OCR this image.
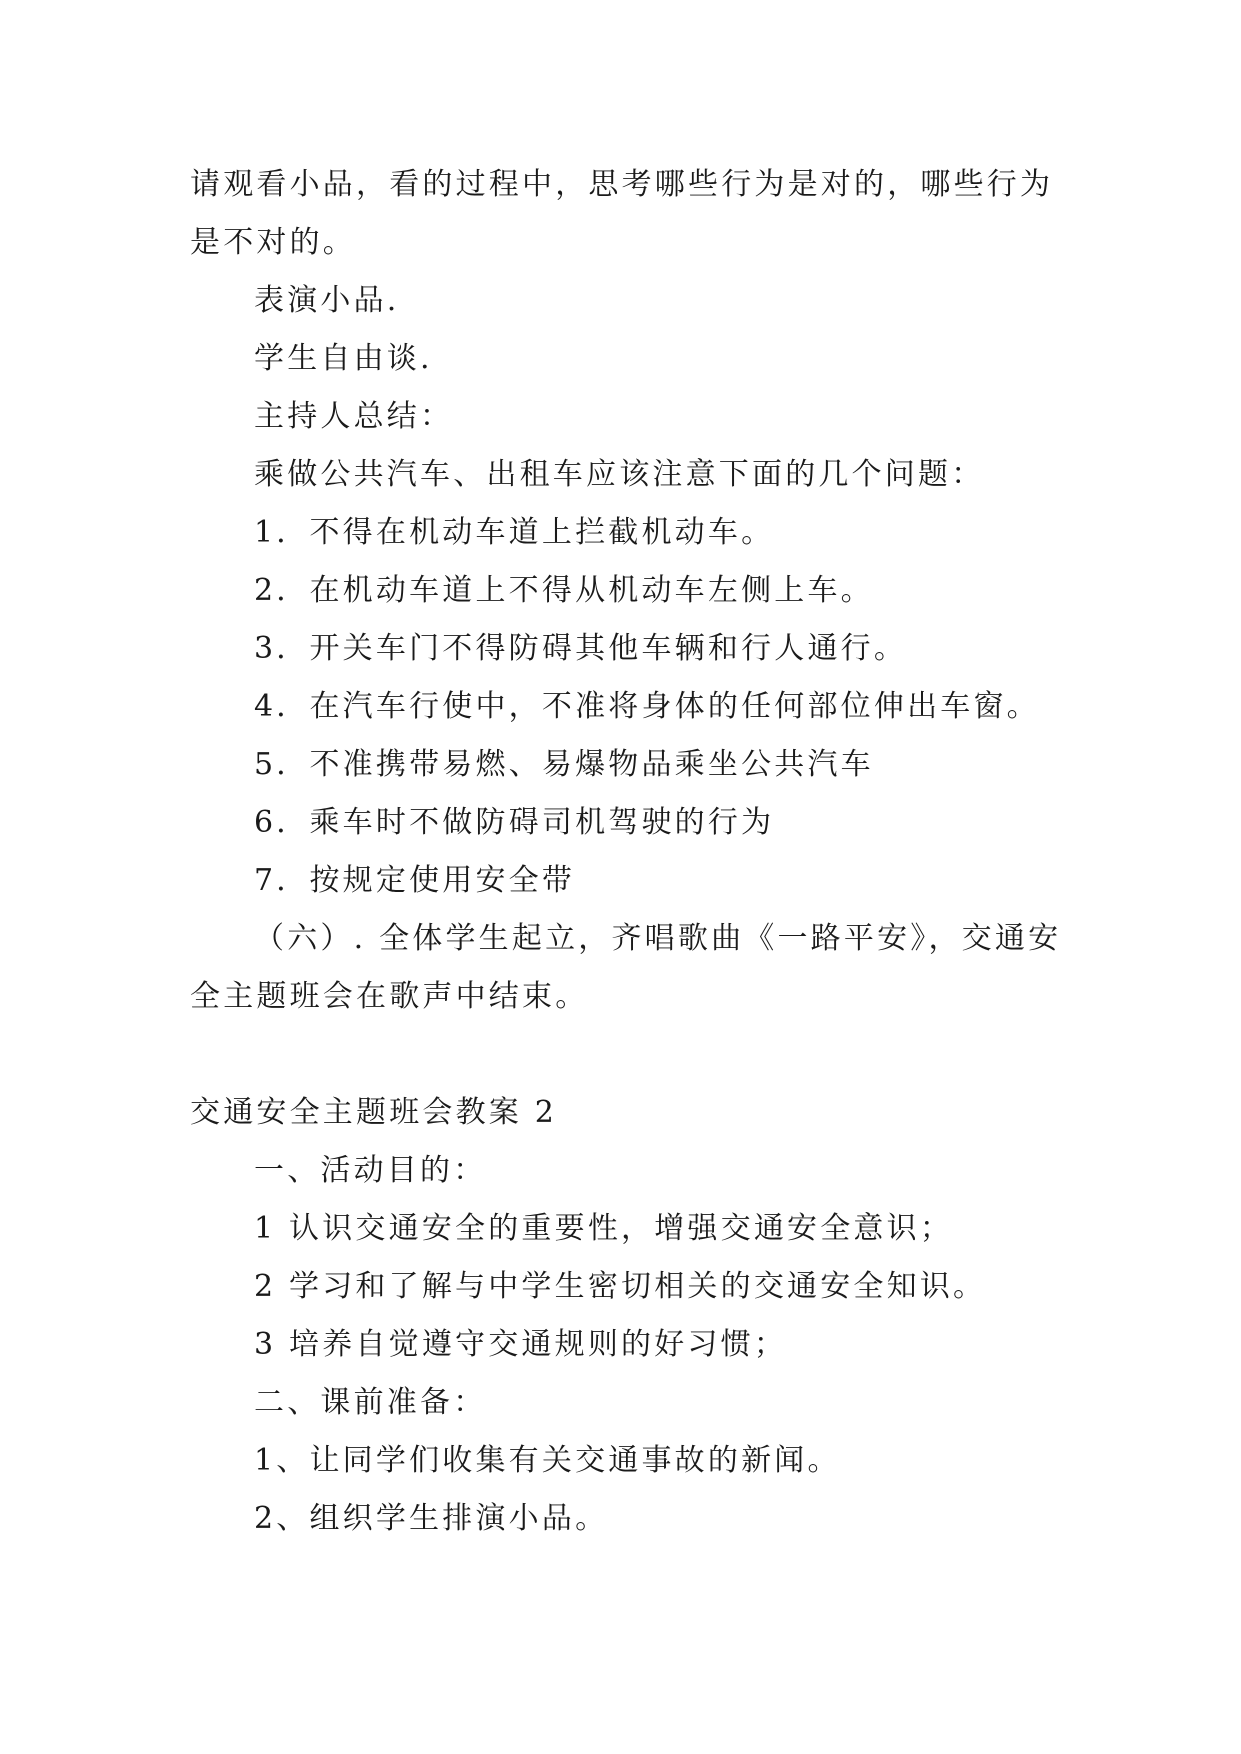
请观看小品，看的过程中，思考哪些行为是对的，哪些行为
是不对的。
表演小品.
学生自由谈.
主持人总结：
乘做公共汽车、出租车应该注意下面的几个问题：
1．不得在机动车道上拦截机动车。
2．在机动车道上不得从机动车左侧上车。
3．开关车门不得防碍其他车辆和行人通行。
4．在汽车行使中，不准将身体的任何部位伸出车窗。
5．不准携带易燃、易爆物品乘坐公共汽车
6．乘车时不做防碍司机驾驶的行为
7．按规定使用安全带
（六）. 全体学生起立，齐唱歌曲《一路平安》，交通安
全主题班会在歌声中结束。
交通安全主题班会教案 2
一、活动目的：
1 认识交通安全的重要性，增强交通安全意识；
2 学习和了解与中学生密切相关的交通安全知识。
3 培养自觉遵守交通规则的好习惯；
二、课前准备：
1、让同学们收集有关交通事故的新闻。
2、组织学生排演小品。
